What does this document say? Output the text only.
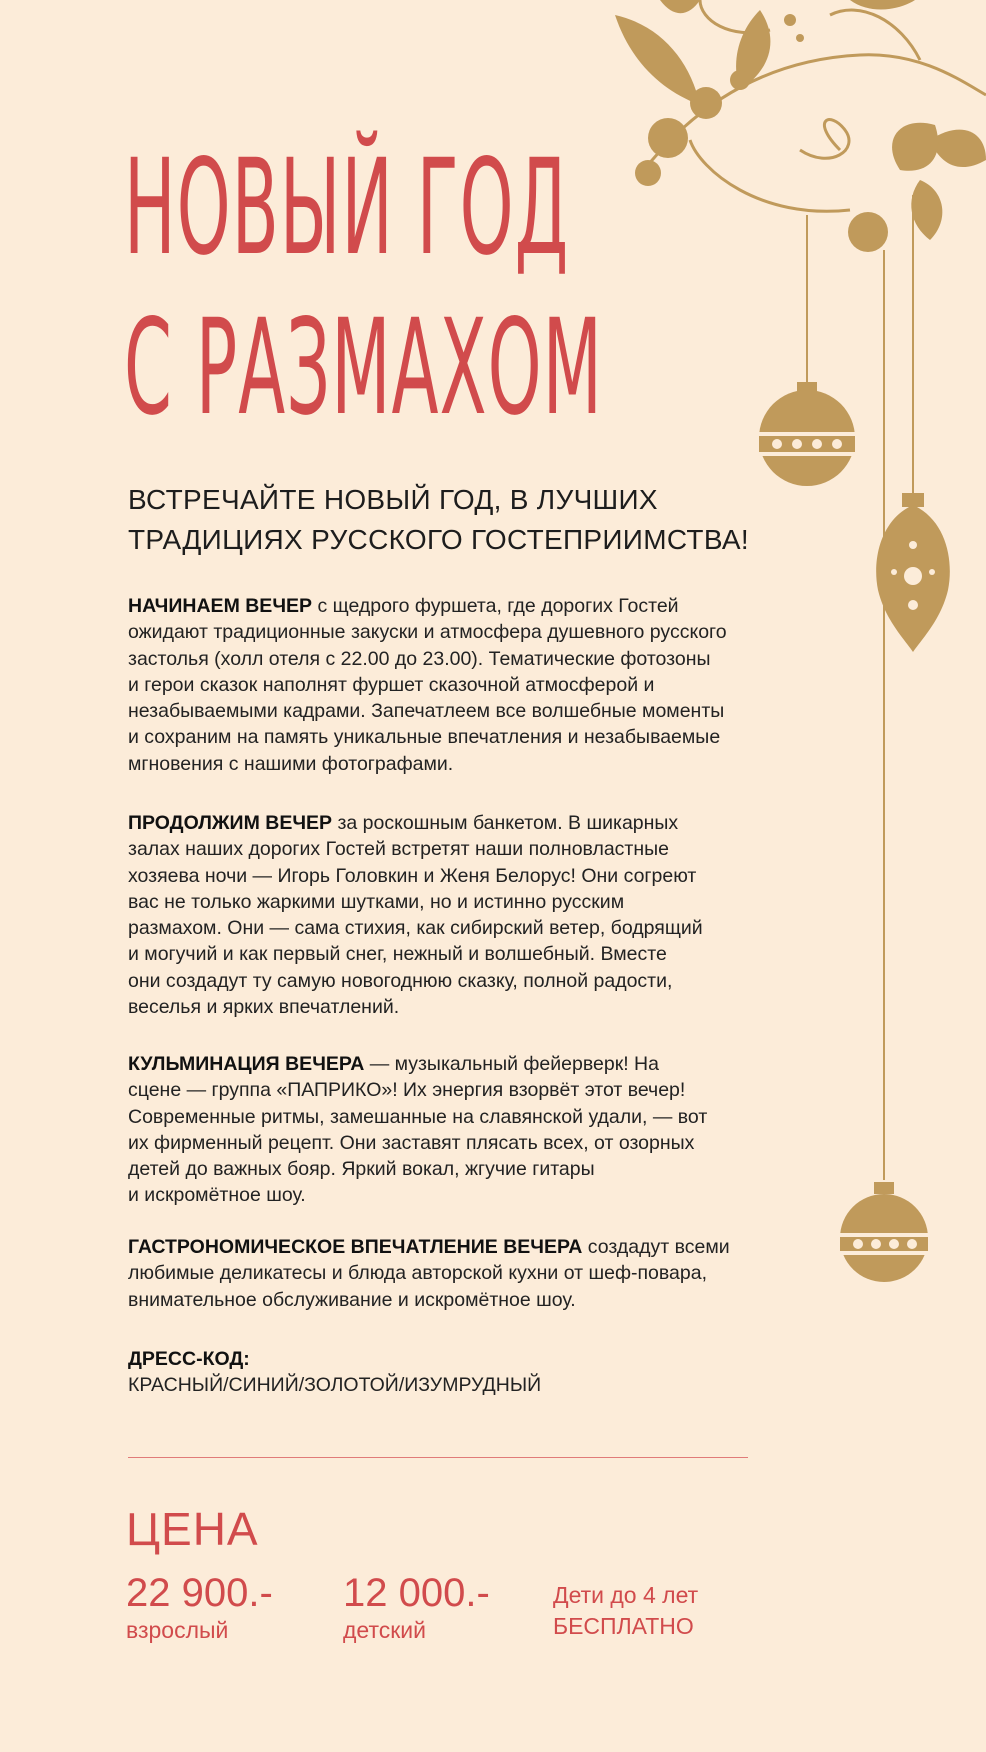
НОВЫЙ ГОД
С РАЗМАХОМ
ВСТРЕЧАЙТЕ НОВЫЙ ГОД, В ЛУЧШИХ
ТРАДИЦИЯХ РУССКОГО ГОСТЕПРИИМСТВА!

НАЧИНАЕМ ВЕЧЕР с щедрого фуршета, где дорогих Гостей
ожидают традиционные закуски и атмосфера душевного русского
застолья (холл отеля с 22.00 до 23.00). Тематические фотозоны
и герои сказок наполнят фуршет сказочной атмосферой и
незабываемыми кадрами. Запечатлеем все волшебные моменты
и сохраним на память уникальные впечатления и незабываемые
мгновения с нашими фотографами.

ПРОДОЛЖИМ ВЕЧЕР за роскошным банкетом. В шикарных
залах наших дорогих Гостей встретят наши полновластные
хозяева ночи — Игорь Головкин и Женя Белорус! Они согреют
вас не только жаркими шутками, но и истинно русским
размахом. Они — сама стихия, как сибирский ветер, бодрящий
и могучий и как первый снег, нежный и волшебный. Вместе
они создадут ту самую новогоднюю сказку, полной радости,
веселья и ярких впечатлений.

КУЛЬМИНАЦИЯ ВЕЧЕРА — музыкальный фейерверк! На
сцене — группа «ПАПРИКО»! Их энергия взорвёт этот вечер!
Современные ритмы, замешанные на славянской удали, — вот
их фирменный рецепт. Они заставят плясать всех, от озорных
детей до важных бояр. Яркий вокал, жгучие гитары
и искромётное шоу.

ГАСТРОНОМИЧЕСКОЕ ВПЕЧАТЛЕНИЕ ВЕЧЕРА создадут всеми
любимые деликатесы и блюда авторской кухни от шеф-повара,
внимательное обслуживание и искромётное шоу.

ДРЕСС-КОД:
КРАСНЫЙ/СИНИЙ/ЗОЛОТОЙ/ИЗУМРУДНЫЙ
ЦЕНА
22 900.-
взрослый
12 000.-
детский
Дети до 4 лет
БЕСПЛАТНО
